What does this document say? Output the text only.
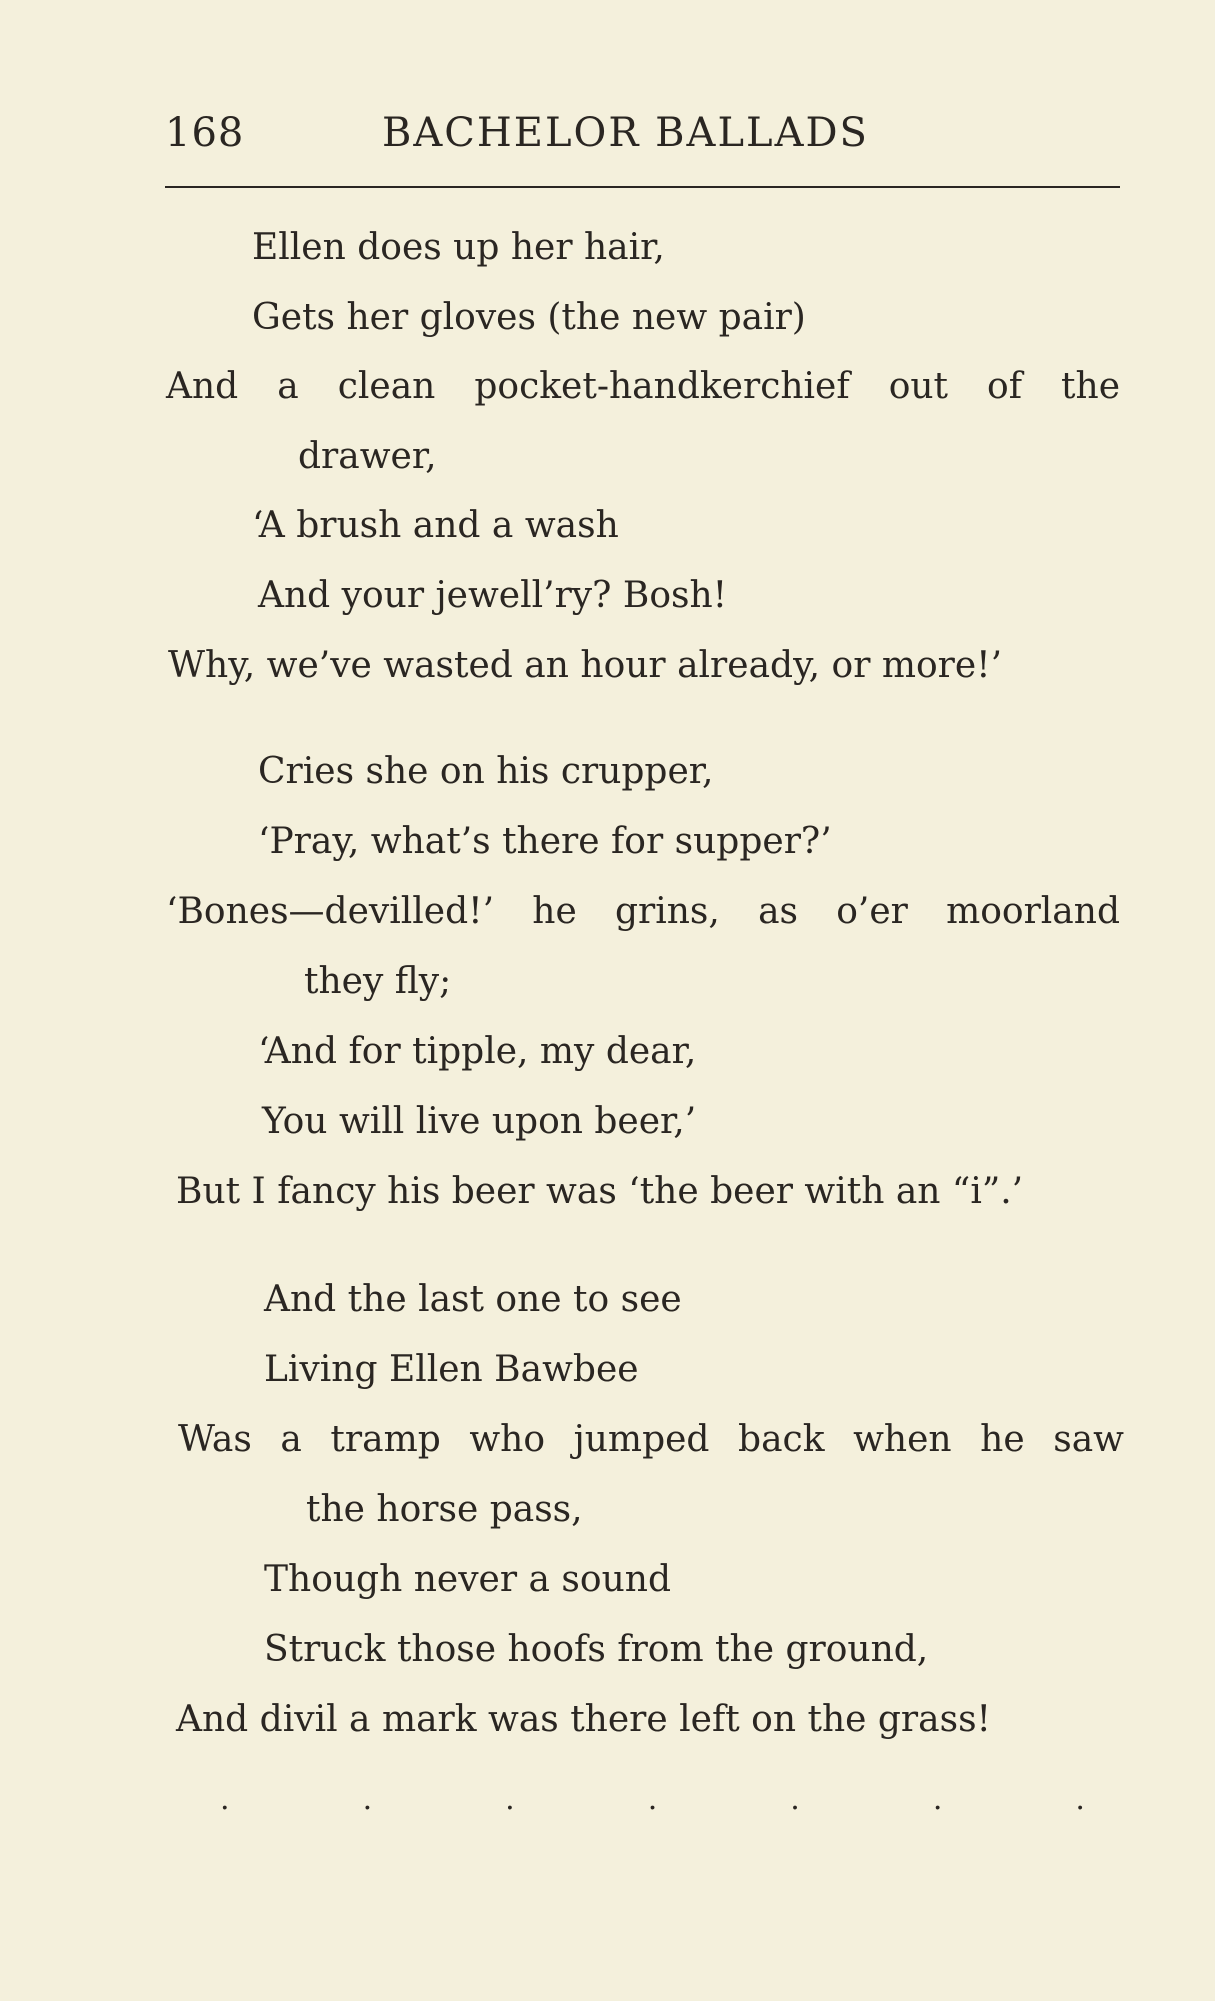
168	BACHELOR BALLADS
Ellen does up her hair,
Gets her gloves (the new pair)
And a clean pocket-handkerchief out of the
drawer,
‘A brush and a wash
And your jewell’ry? Bosh!
Why, we’ve wasted an hour already, or more!’
Cries she on his crupper,
‘Pray, what’s there for supper?’
‘Bones—devilled!’ he grins, as o’er moorland
they fly;
‘And for tipple, my dear,
You will live upon beer,’
But I fancy his beer was ‘the beer with an “i”.’
And the last one to see
Living Ellen Bawbee
Was a tramp who jumped back when he saw
the horse pass,
Though never a sound
Struck those hoofs from the ground,
And divil a mark was there left on the grass!
.	.	.	.	.	.	.
